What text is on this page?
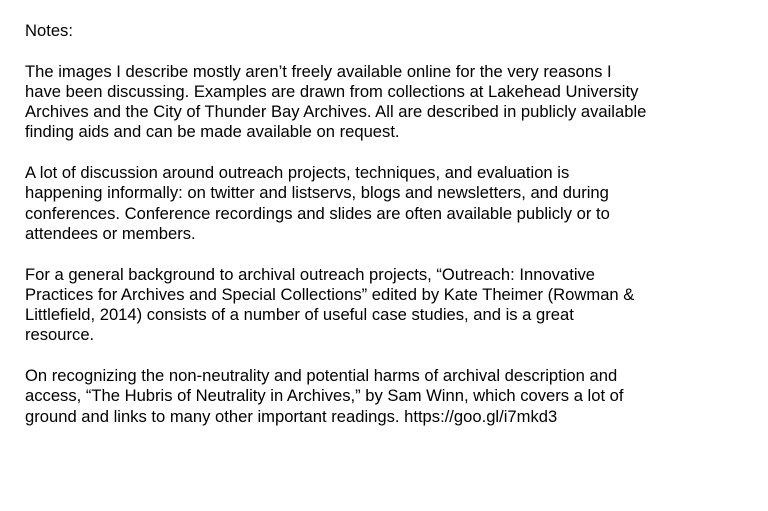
Notes:
The images I describe mostly aren’t freely available online for the very reasons I
have been discussing. Examples are drawn from collections at Lakehead University
Archives and the City of Thunder Bay Archives. All are described in publicly available
finding aids and can be made available on request.
A lot of discussion around outreach projects, techniques, and evaluation is
happening informally: on twitter and listservs, blogs and newsletters, and during
conferences. Conference recordings and slides are often available publicly or to
attendees or members.
For a general background to archival outreach projects, “Outreach: Innovative
Practices for Archives and Special Collections” edited by Kate Theimer (Rowman &
Littlefield, 2014) consists of a number of useful case studies, and is a great
resource.
On recognizing the non-neutrality and potential harms of archival description and
access, “The Hubris of Neutrality in Archives,” by Sam Winn, which covers a lot of
ground and links to many other important readings. https://goo.gl/i7mkd3
